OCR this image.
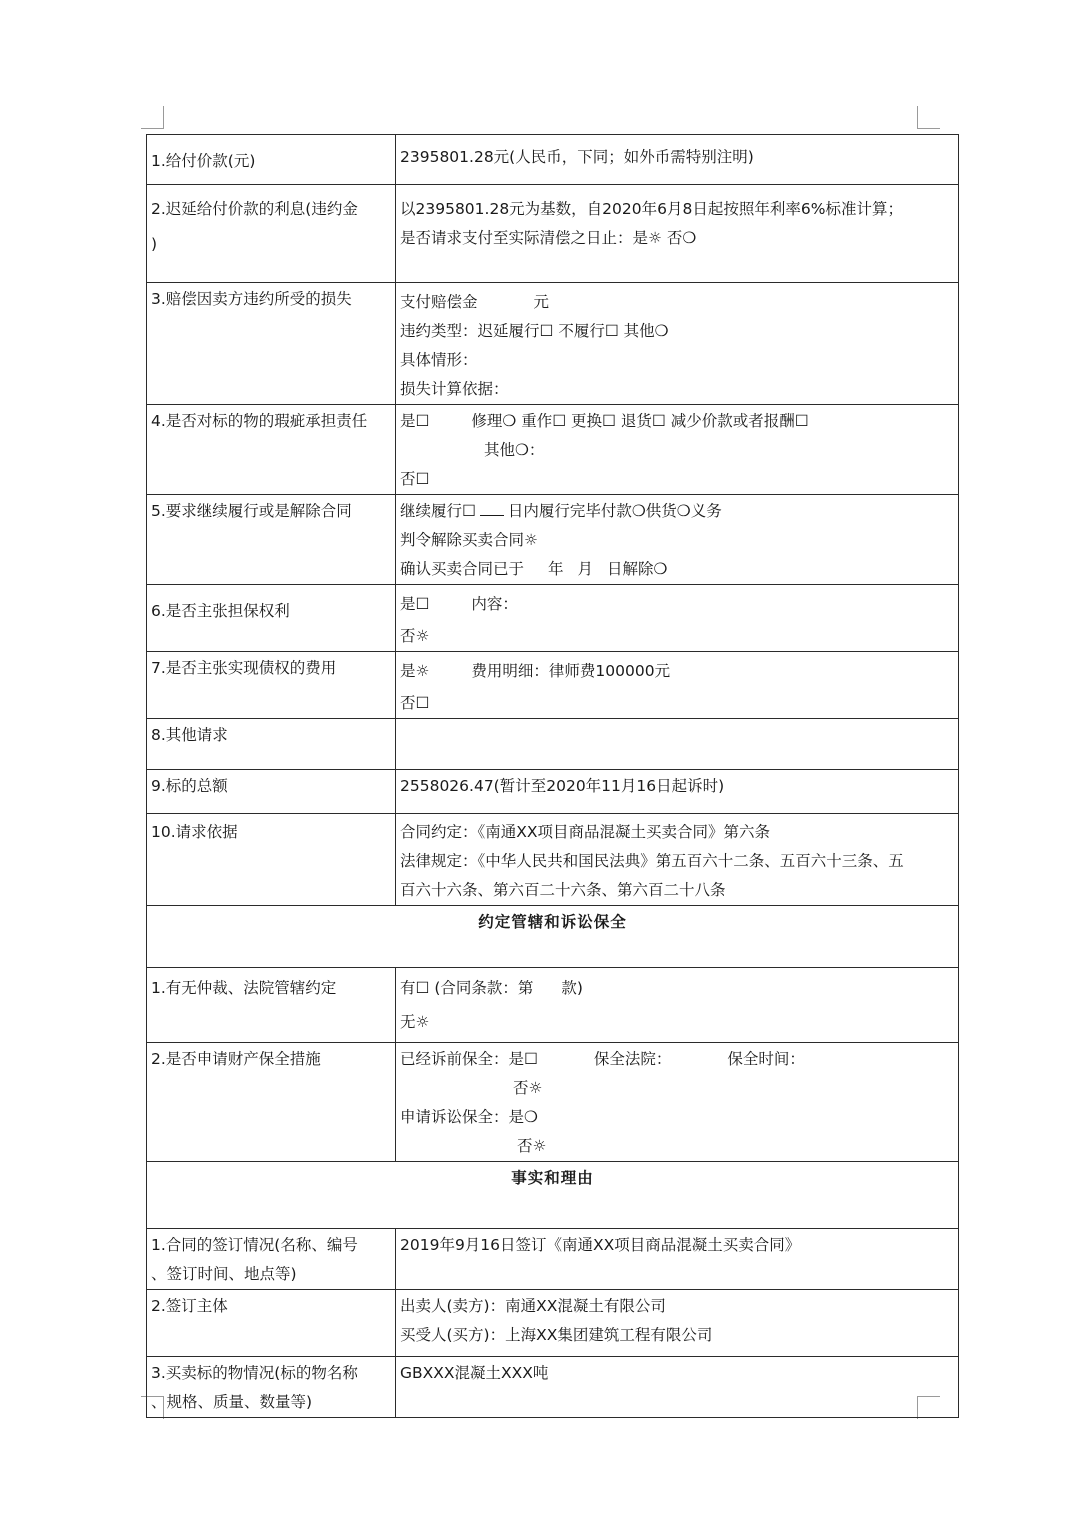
1.给付价款(元)	2395801.28元(人民币，下同；如外币需特别注明)

2.迟延给付价款的利息(违约金
)	以2395801.28元为基数，自2020年6月8日起按照年利率6%标准计算；
是否请求支付至实际清偿之日止：是☼ 否❍

3.赔偿因卖方违约所受的损失	支付赔偿金 元
违约类型：迟延履行☐ 不履行☐ 其他❍
具体情形：
损失计算依据：

4.是否对标的物的瑕疵承担责任	是☐ 修理❍ 重作☐ 更换☐ 退货☐ 减少价款或者报酬☐
其他❍：
否☐

5.要求继续履行或是解除合同	继续履行☐ 日内履行完毕付款❍供货❍义务
判令解除买卖合同☼
确认买卖合同已于 年 月 日解除❍

6.是否主张担保权利	是☐ 内容：
否☼

7.是否主张实现债权的费用	是☼ 费用明细：律师费100000元
否☐

8.其他请求	
9.标的总额	2558026.47(暂计至2020年11月16日起诉时)
10.请求依据	合同约定：《南通XX项目商品混凝土买卖合同》第六条
法律规定：《中华人民共和国民法典》第五百六十二条、五百六十三条、五
百六十六条、第六百二十六条、第六百二十八条

约定管辖和诉讼保全	
1.有无仲裁、法院管辖约定	有☐ (合同条款：第 款)
无☼

2.是否申请财产保全措施	已经诉前保全：是☐ 保全法院： 保全时间：
否☼
申请诉讼保全：是❍
否☼

事实和理由	

1.合同的签订情况(名称、编号
、签订时间、地点等)	2019年9月16日签订《南通XX项目商品混凝土买卖合同》
2.签订主体	出卖人(卖方)：南通XX混凝土有限公司
买受人(买方)：上海XX集团建筑工程有限公司

3.买卖标的物情况(标的物名称
、规格、质量、数量等)	GBXXX混凝土XXX吨
